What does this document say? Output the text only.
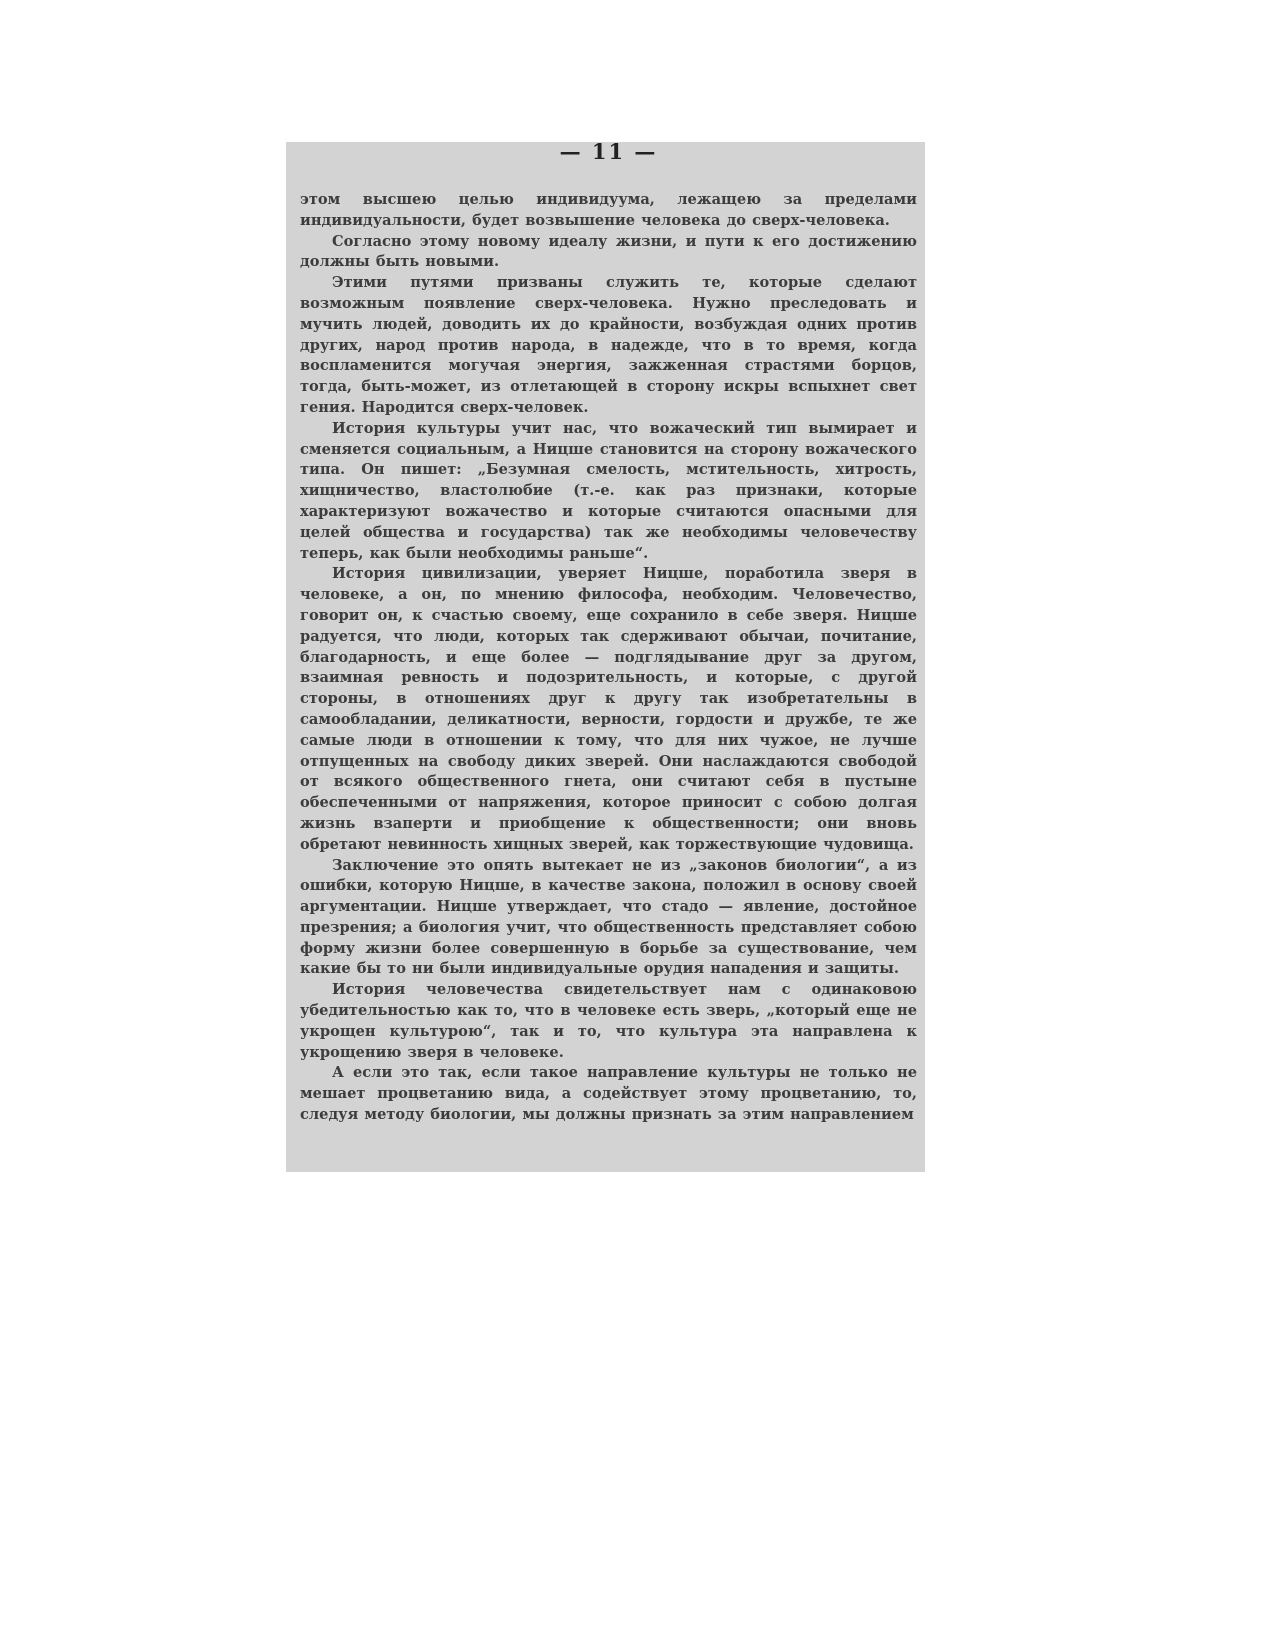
— 11 —

этом высшею целью индивидуума, лежащею за пределами индивидуальности, будет возвышение человека до сверх-человека.

Согласно этому новому идеалу жизни, и пути к его достижению должны быть новыми.

Этими путями призваны служить те, которые сделают возможным появление сверх-человека. Нужно преследовать и мучить людей, доводить их до крайности, возбуждая одних против других, народ против народа, в надежде, что в то время, когда воспламенится могучая энергия, зажженная страстями борцов, тогда, быть-может, из отлетающей в сторону искры вспыхнет свет гения. Народится сверх-человек.

История культуры учит нас, что вожаческий тип вымирает и сменяется социальным, а Ницше становится на сторону вожаческого типа. Он пишет: „Безумная смелость, мстительность, хитрость, хищничество, властолюбие (т.-е. как раз признаки, которые характеризуют вожачество и которые считаются опасными для целей общества и государства) так же необходимы человечеству теперь, как были необходимы раньше“.

История цивилизации, уверяет Ницше, поработила зверя в человеке, а он, по мнению философа, необходим. Человечество, говорит он, к счастью своему, еще сохранило в себе зверя. Ницше радуется, что люди, которых так сдерживают обычаи, почитание, благодарность, и еще более — подглядывание друг за другом, взаимная ревность и подозрительность, и которые, с другой стороны, в отношениях друг к другу так изобретательны в самообладании, деликатности, верности, гордости и дружбе, те же самые люди в отношении к тому, что для них чужое, не лучше отпущенных на свободу диких зверей. Они наслаждаются свободой от всякого общественного гнета, они считают себя в пустыне обеспеченными от напряжения, которое приносит с собою долгая жизнь взаперти и приобщение к общественности; они вновь обретают невинность хищных зверей, как торжествующие чудовища.

Заключение это опять вытекает не из „законов биологии“, а из ошибки, которую Ницше, в качестве закона, положил в основу своей аргументации. Ницше утверждает, что стадо — явление, достойное презрения; а биология учит, что общественность представляет собою форму жизни более совершенную в борьбе за существование, чем какие бы то ни были индивидуальные орудия нападения и защиты.

История человечества свидетельствует нам с одинаковою убедительностью как то, что в человеке есть зверь, „который еще не укрощен культурою“, так и то, что культура эта направлена к укрощению зверя в человеке.

А если это так, если такое направление культуры не только не мешает процветанию вида, а содействует этому процветанию, то, следуя методу биологии, мы должны признать за этим направлением
